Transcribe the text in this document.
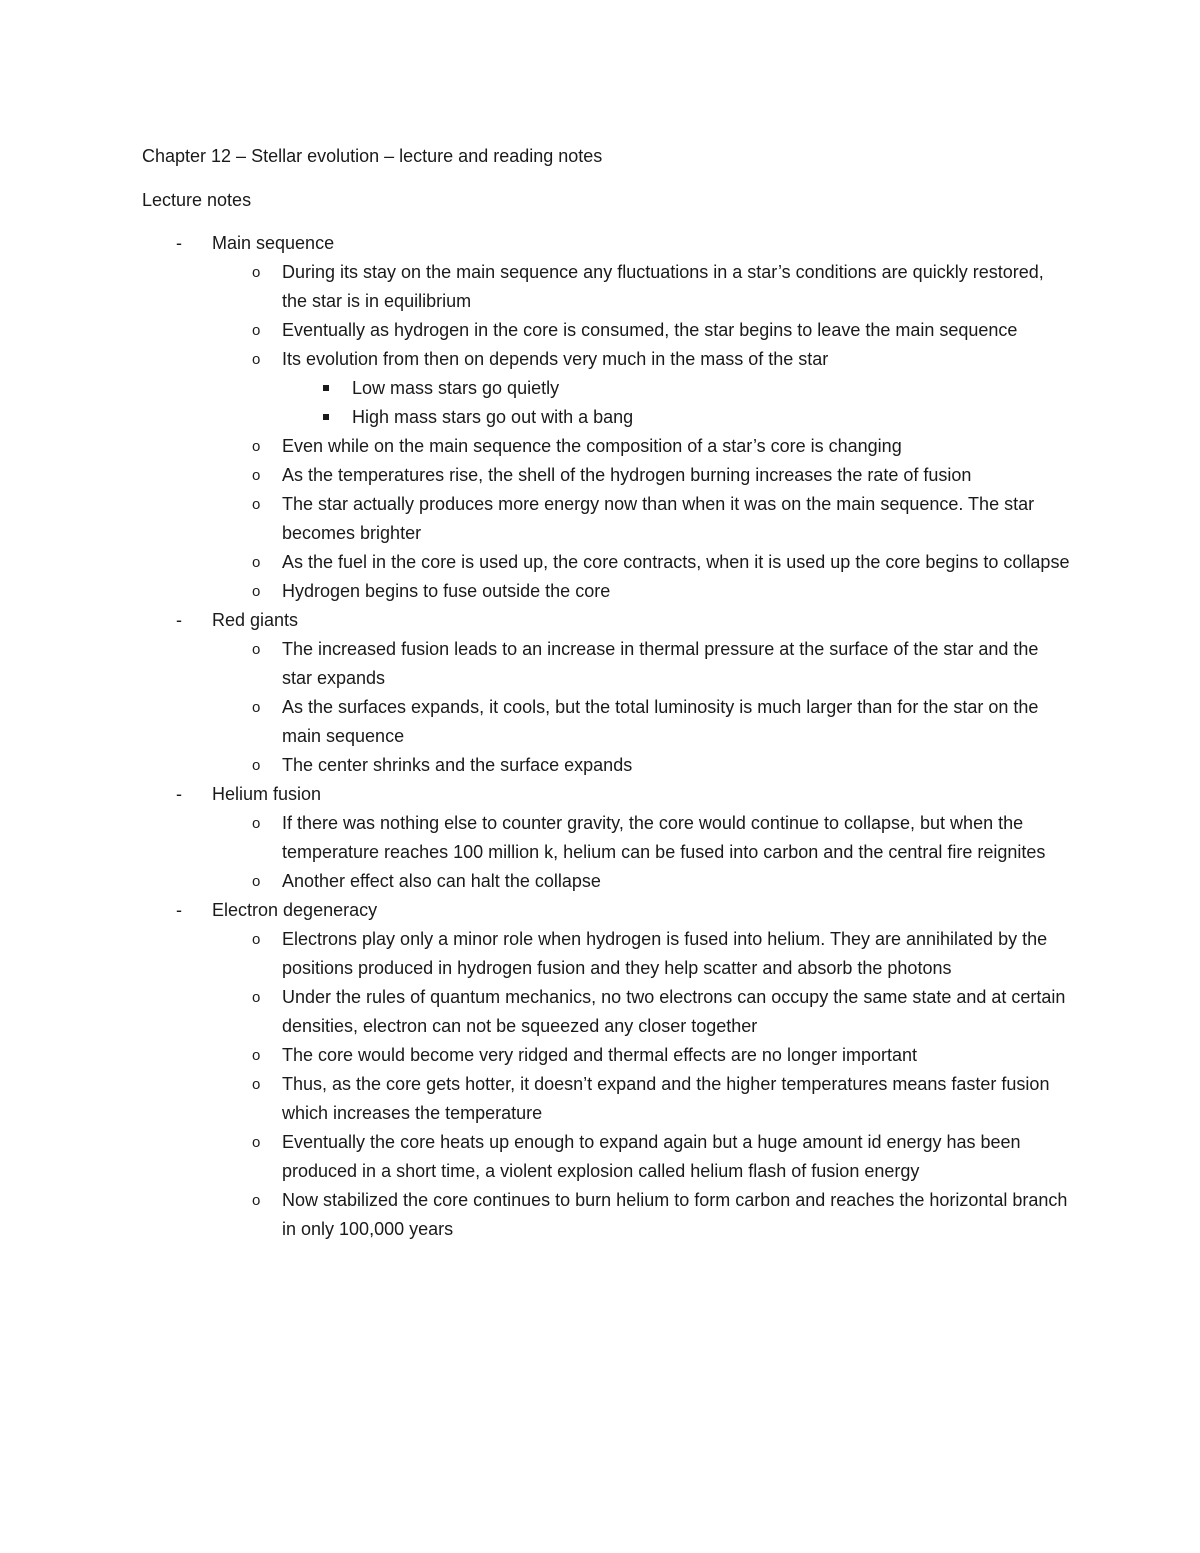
Chapter 12 – Stellar evolution – lecture and reading notes
Lecture notes
- Main sequence
o During its stay on the main sequence any fluctuations in a star’s conditions are quickly restored, the star is in equilibrium
o Eventually as hydrogen in the core is consumed, the star begins to leave the main sequence
o Its evolution from then on depends very much in the mass of the star
Low mass stars go quietly
High mass stars go out with a bang
o Even while on the main sequence the composition of a star’s core is changing
o As the temperatures rise, the shell of the hydrogen burning increases the rate of fusion
o The star actually produces more energy now than when it was on the main sequence. The star becomes brighter
o As the fuel in the core is used up, the core contracts, when it is used up the core begins to collapse
o Hydrogen begins to fuse outside the core
- Red giants
o The increased fusion leads to an increase in thermal pressure at the surface of the star and the star expands
o As the surfaces expands, it cools, but the total luminosity is much larger than for the star on the main sequence
o The center shrinks and the surface expands
- Helium fusion
o If there was nothing else to counter gravity, the core would continue to collapse, but when the temperature reaches 100 million k, helium can be fused into carbon and the central fire reignites
o Another effect also can halt the collapse
- Electron degeneracy
o Electrons play only a minor role when hydrogen is fused into helium. They are annihilated by the positions produced in hydrogen fusion and they help scatter and absorb the photons
o Under the rules of quantum mechanics, no two electrons can occupy the same state and at certain densities, electron can not be squeezed any closer together
o The core would become very ridged and thermal effects are no longer important
o Thus, as the core gets hotter, it doesn’t expand and the higher temperatures means faster fusion which increases the temperature
o Eventually the core heats up enough to expand again but a huge amount id energy has been produced in a short time, a violent explosion called helium flash of fusion energy
o Now stabilized the core continues to burn helium to form carbon and reaches the horizontal branch in only 100,000 years
